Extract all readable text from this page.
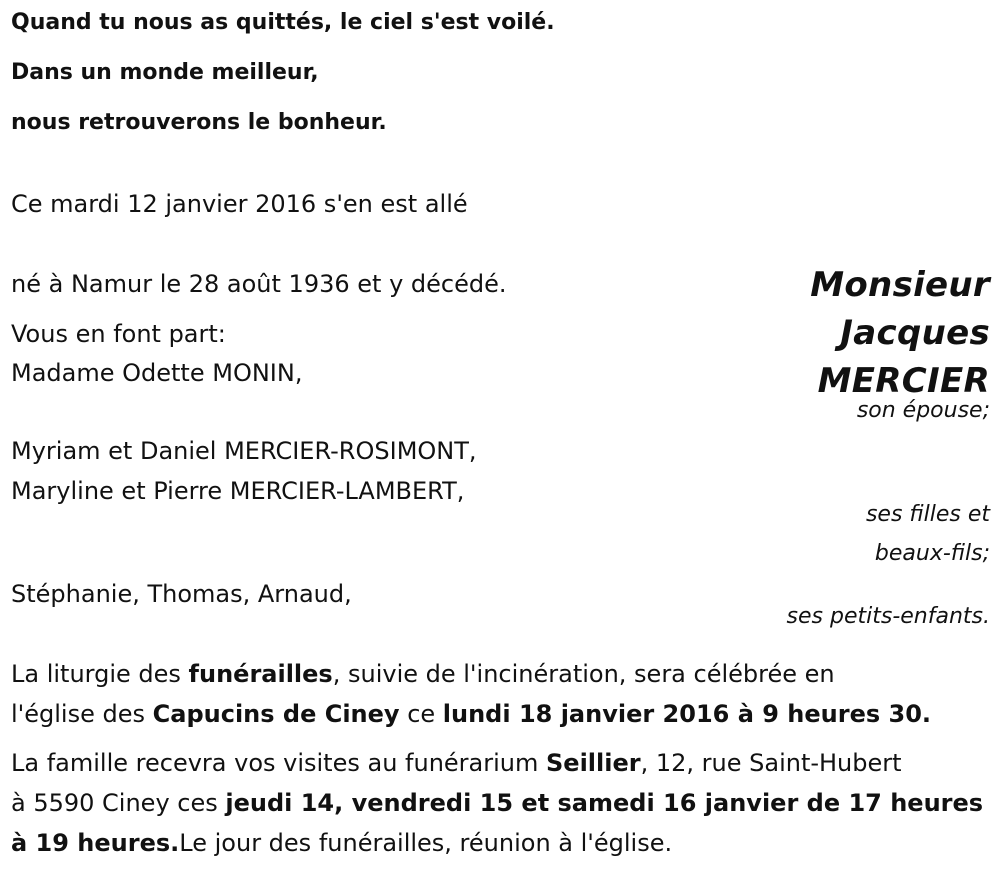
Quand tu nous as quittés, le ciel s'est voilé.

Dans un monde meilleur,

nous retrouverons le bonheur.

Ce mardi 12 janvier 2016 s'en est allé

né à Namur le 28 août 1936 et y décédé.	Monsieur

Jacques

MERCIER

Vous en font part:

Madame Odette MONIN,

son épouse;

Myriam et Daniel MERCIER-ROSIMONT,

Maryline et Pierre MERCIER-LAMBERT,

ses filles et

beaux-fils;

Stéphanie, Thomas, Arnaud,

ses petits-enfants.

La liturgie des funérailles, suivie de l'incinération, sera célébrée en

l'église des Capucins de Ciney ce lundi 18 janvier 2016 à 9 heures 30.

La famille recevra vos visites au funérarium Seillier, 12, rue Saint-Hubert

à 5590 Ciney ces jeudi 14, vendredi 15 et samedi 16 janvier de 17 heures

à 19 heures.Le jour des funérailles, réunion à l'église.
